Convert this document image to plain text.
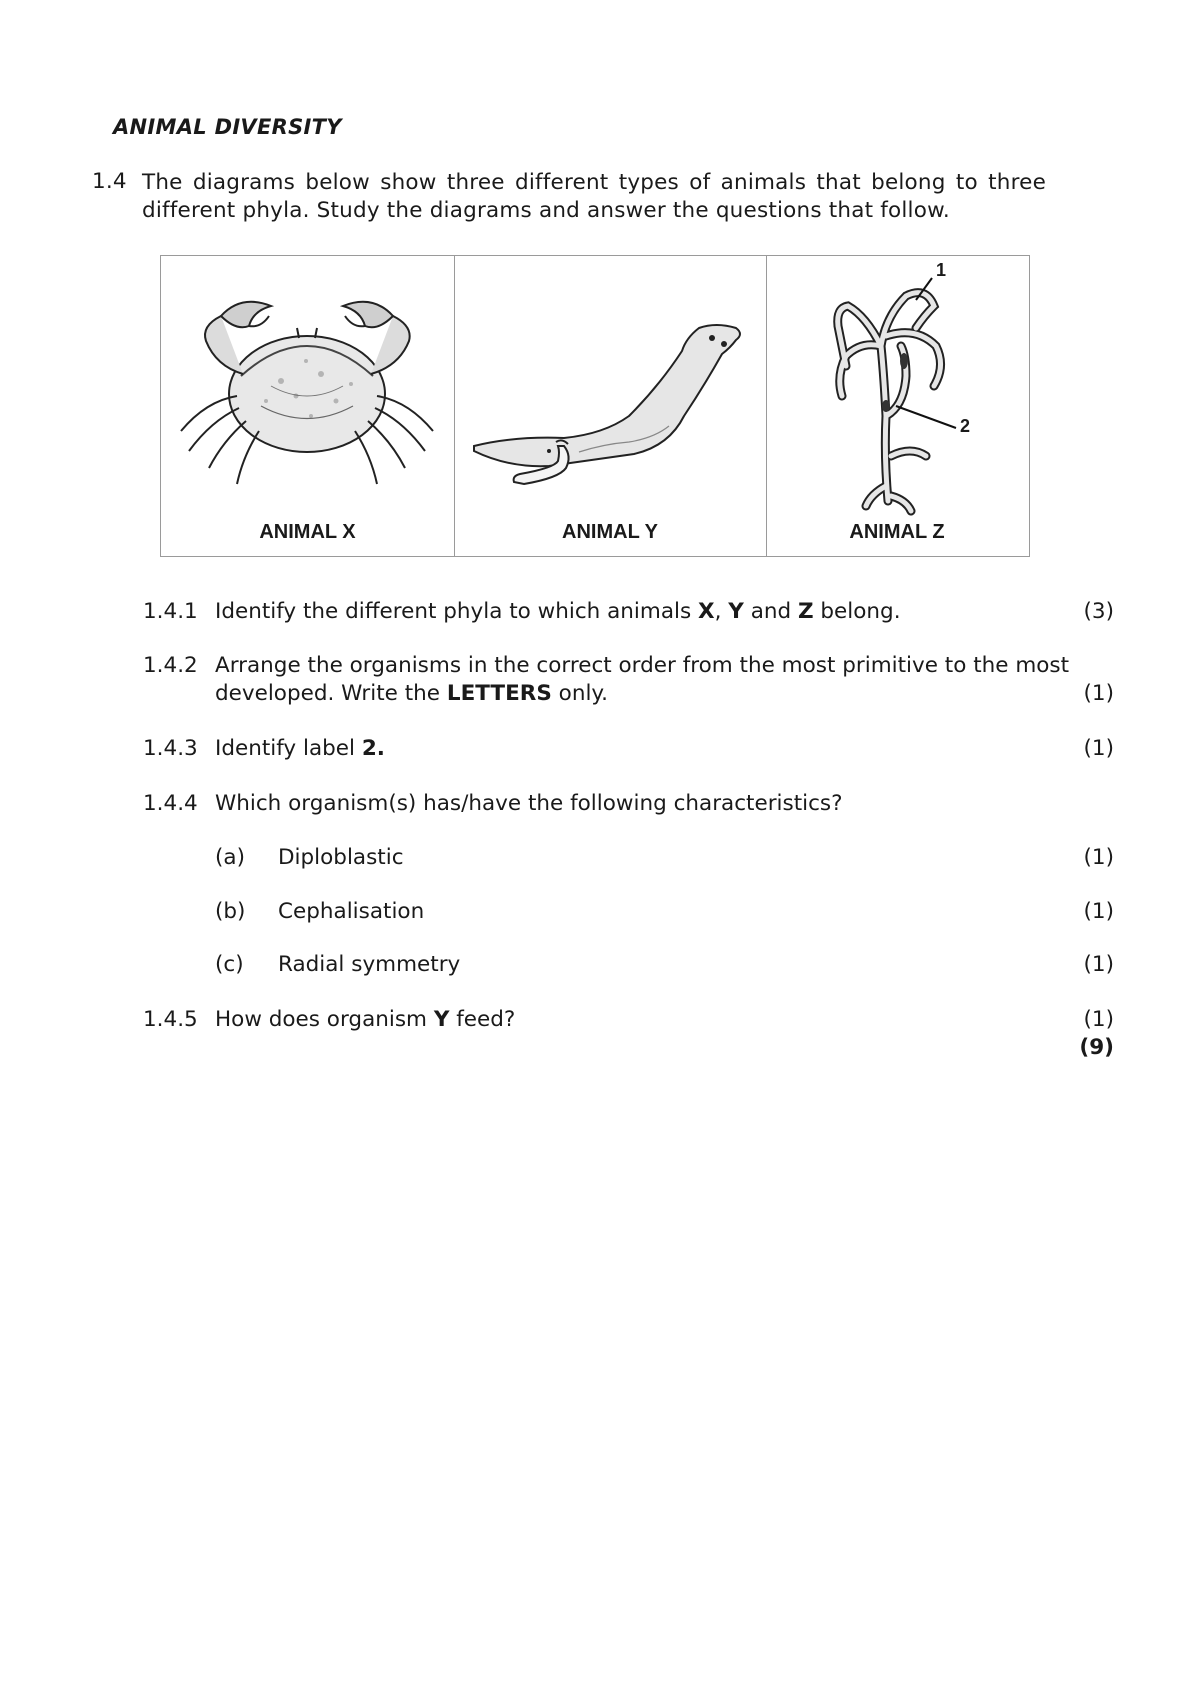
ANIMAL DIVERSITY
1.4 The diagrams below show three different types of animals that belong to three
different phyla. Study the diagrams and answer the questions that follow.
ANIMAL X	ANIMAL Y
1
2
ANIMAL Z
1.4.1 Identify the different phyla to which animals X, Y and Z belong.	(3)
1.4.2 Arrange the organisms in the correct order from the most primitive to the most
developed. Write the LETTERS only.	(1)
1.4.3 Identify label 2.	(1)
1.4.4 Which organism(s) has/have the following characteristics?
(a) Diploblastic	(1)
(b) Cephalisation	(1)
(c) Radial symmetry	(1)
1.4.5 How does organism Y feed?	(1)
(9)
